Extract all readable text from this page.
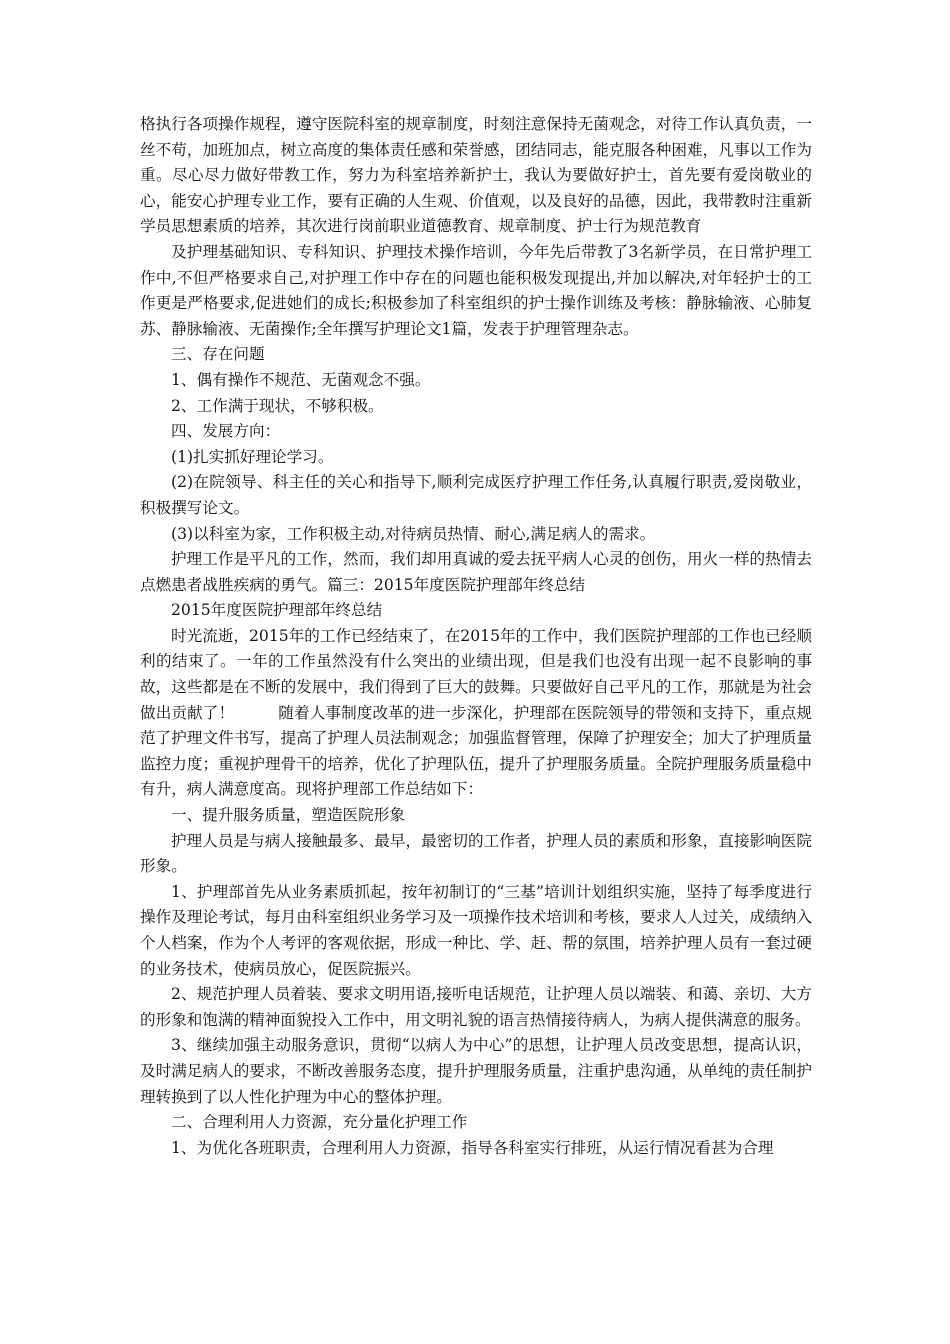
格执行各项操作规程，遵守医院科室的规章制度，时刻注意保持无菌观念，对待工作认真负责，一丝不苟，加班加点，树立高度的集体责任感和荣誉感，团结同志，能克服各种困难，凡事以工作为重。尽心尽力做好带教工作，努力为科室培养新护士，我认为要做好护士，首先要有爱岗敬业的心，能安心护理专业工作，要有正确的人生观、价值观，以及良好的品德，因此，我带教时注重新学员思想素质的培养，其次进行岗前职业道德教育、规章制度、护士行为规范教育

及护理基础知识、专科知识、护理技术操作培训，今年先后带教了3名新学员，在日常护理工作中,不但严格要求自己,对护理工作中存在的问题也能积极发现提出,并加以解决,对年轻护士的工作更是严格要求,促进她们的成长;积极参加了科室组织的护士操作训练及考核：静脉输液、心肺复苏、静脉输液、无菌操作;全年撰写护理论文1篇，发表于护理管理杂志。

三、存在问题

1、偶有操作不规范、无菌观念不强。

2、工作满于现状，不够积极。

四、发展方向：

(1)扎实抓好理论学习。

(2)在院领导、科主任的关心和指导下,顺利完成医疗护理工作任务,认真履行职责,爱岗敬业，积极撰写论文。

(3)以科室为家，工作积极主动,对待病员热情、耐心,满足病人的需求。

护理工作是平凡的工作，然而，我们却用真诚的爱去抚平病人心灵的创伤，用火一样的热情去点燃患者战胜疾病的勇气。篇三：2015年度医院护理部年终总结

2015年度医院护理部年终总结

时光流逝，2015年的工作已经结束了，在2015年的工作中，我们医院护理部的工作也已经顺利的结束了。一年的工作虽然没有什么突出的业绩出现，但是我们也没有出现一起不良影响的事故，这些都是在不断的发展中，我们得到了巨大的鼓舞。只要做好自己平凡的工作，那就是为社会做出贡献了！	随着人事制度改革的进一步深化，护理部在医院领导的带领和支持下，重点规范了护理文件书写，提高了护理人员法制观念；加强监督管理，保障了护理安全；加大了护理质量监控力度；重视护理骨干的培养，优化了护理队伍，提升了护理服务质量。全院护理服务质量稳中有升，病人满意度高。现将护理部工作总结如下：

一、提升服务质量，塑造医院形象

护理人员是与病人接触最多、最早，最密切的工作者，护理人员的素质和形象，直接影响医院形象。

1、护理部首先从业务素质抓起，按年初制订的“三基”培训计划组织实施，坚持了每季度进行操作及理论考试，每月由科室组织业务学习及一项操作技术培训和考核，要求人人过关，成绩纳入个人档案，作为个人考评的客观依据，形成一种比、学、赶、帮的氛围，培养护理人员有一套过硬的业务技术，使病员放心，促医院振兴。

2、规范护理人员着装、要求文明用语,接听电话规范，让护理人员以端装、和蔼、亲切、大方的形象和饱满的精神面貌投入工作中，用文明礼貌的语言热情接待病人，为病人提供满意的服务。

3、继续加强主动服务意识，贯彻“以病人为中心”的思想，让护理人员改变思想，提高认识，及时满足病人的要求，不断改善服务态度，提升护理服务质量，注重护患沟通，从单纯的责任制护理转换到了以人性化护理为中心的整体护理。

二、合理利用人力资源，充分量化护理工作

1、为优化各班职责，合理利用人力资源，指导各科室实行排班，从运行情况看甚为合理
